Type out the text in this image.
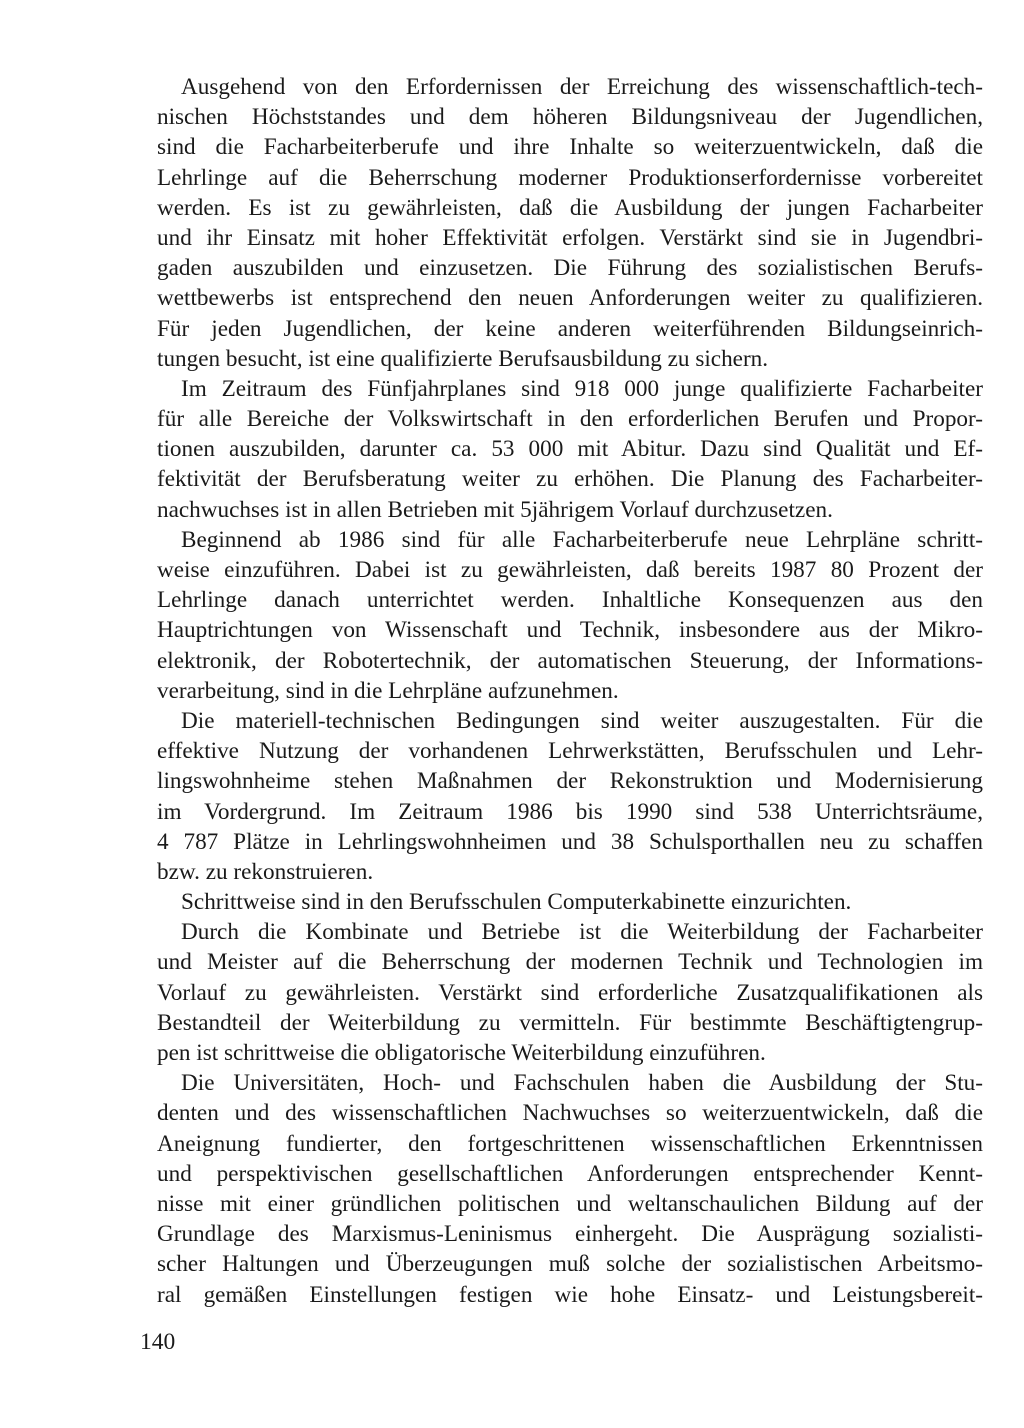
Ausgehend von den Erfordernissen der Erreichung des wissenschaftlich-tech-
nischen Höchststandes und dem höheren Bildungsniveau der Jugendlichen,
sind die Facharbeiterberufe und ihre Inhalte so weiterzuentwickeln, daß die
Lehrlinge auf die Beherrschung moderner Produktionserfordernisse vorbereitet
werden. Es ist zu gewährleisten, daß die Ausbildung der jungen Facharbeiter
und ihr Einsatz mit hoher Effektivität erfolgen. Verstärkt sind sie in Jugendbri-
gaden auszubilden und einzusetzen. Die Führung des sozialistischen Berufs-
wettbewerbs ist entsprechend den neuen Anforderungen weiter zu qualifizieren.
Für jeden Jugendlichen, der keine anderen weiterführenden Bildungseinrich-
tungen besucht, ist eine qualifizierte Berufsausbildung zu sichern.
Im Zeitraum des Fünfjahrplanes sind 918 000 junge qualifizierte Facharbeiter
für alle Bereiche der Volkswirtschaft in den erforderlichen Berufen und Propor-
tionen auszubilden, darunter ca. 53 000 mit Abitur. Dazu sind Qualität und Ef-
fektivität der Berufsberatung weiter zu erhöhen. Die Planung des Facharbeiter-
nachwuchses ist in allen Betrieben mit 5jährigem Vorlauf durchzusetzen.
Beginnend ab 1986 sind für alle Facharbeiterberufe neue Lehrpläne schritt-
weise einzuführen. Dabei ist zu gewährleisten, daß bereits 1987 80 Prozent der
Lehrlinge danach unterrichtet werden. Inhaltliche Konsequenzen aus den
Hauptrichtungen von Wissenschaft und Technik, insbesondere aus der Mikro-
elektronik, der Robotertechnik, der automatischen Steuerung, der Informations-
verarbeitung, sind in die Lehrpläne aufzunehmen.
Die materiell-technischen Bedingungen sind weiter auszugestalten. Für die
effektive Nutzung der vorhandenen Lehrwerkstätten, Berufsschulen und Lehr-
lingswohnheime stehen Maßnahmen der Rekonstruktion und Modernisierung
im Vordergrund. Im Zeitraum 1986 bis 1990 sind 538 Unterrichtsräume,
4 787 Plätze in Lehrlingswohnheimen und 38 Schulsporthallen neu zu schaffen
bzw. zu rekonstruieren.
Schrittweise sind in den Berufsschulen Computerkabinette einzurichten.
Durch die Kombinate und Betriebe ist die Weiterbildung der Facharbeiter
und Meister auf die Beherrschung der modernen Technik und Technologien im
Vorlauf zu gewährleisten. Verstärkt sind erforderliche Zusatzqualifikationen als
Bestandteil der Weiterbildung zu vermitteln. Für bestimmte Beschäftigtengrup-
pen ist schrittweise die obligatorische Weiterbildung einzuführen.
Die Universitäten, Hoch- und Fachschulen haben die Ausbildung der Stu-
denten und des wissenschaftlichen Nachwuchses so weiterzuentwickeln, daß die
Aneignung fundierter, den fortgeschrittenen wissenschaftlichen Erkenntnissen
und perspektivischen gesellschaftlichen Anforderungen entsprechender Kennt-
nisse mit einer gründlichen politischen und weltanschaulichen Bildung auf der
Grundlage des Marxismus-Leninismus einhergeht. Die Ausprägung sozialisti-
scher Haltungen und Überzeugungen muß solche der sozialistischen Arbeitsmo-
ral gemäßen Einstellungen festigen wie hohe Einsatz- und Leistungsbereit-
140
